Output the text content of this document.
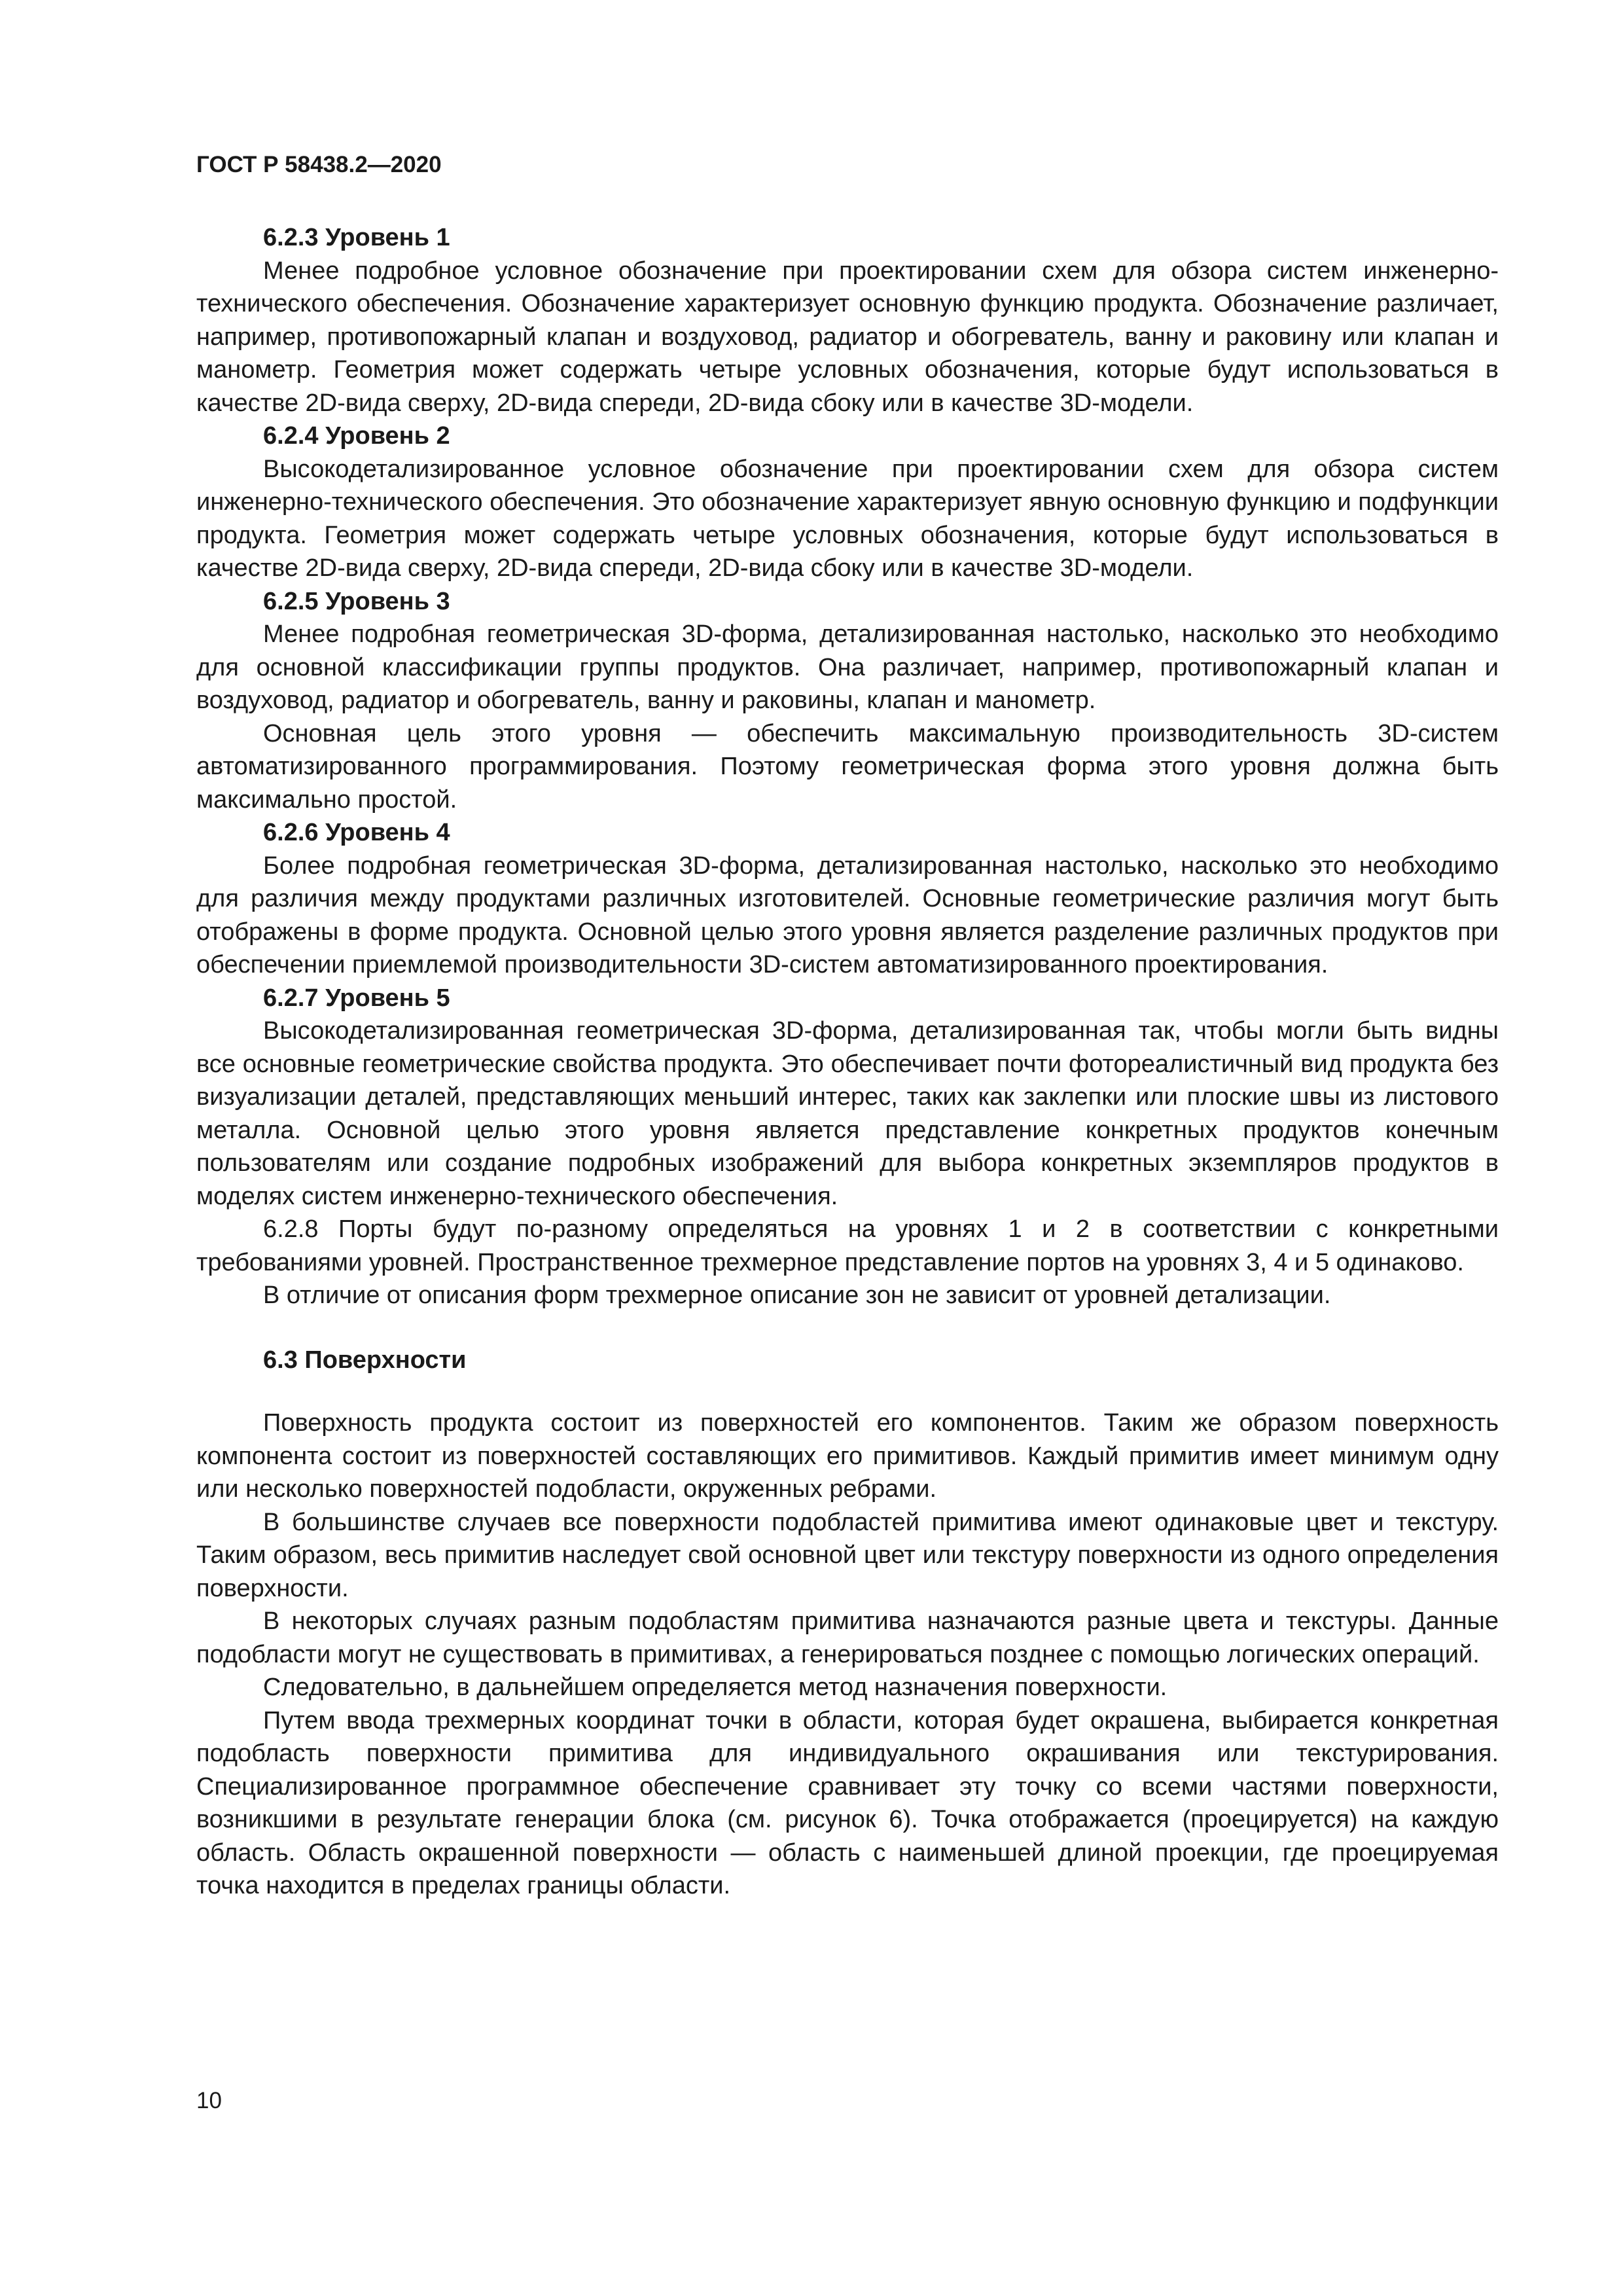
ГОСТ Р 58438.2—2020
6.2.3 Уровень 1

Менее подробное условное обозначение при проектировании схем для обзора систем инженерно-технического обеспечения. Обозначение характеризует основную функцию продукта. Обозначение различает, например, противопожарный клапан и воздуховод, радиатор и обогреватель, ванну и раковину или клапан и манометр. Геометрия может содержать четыре условных обозначения, которые будут использоваться в качестве 2D-вида сверху, 2D-вида спереди, 2D-вида сбоку или в качестве 3D-модели.

6.2.4 Уровень 2

Высокодетализированное условное обозначение при проектировании схем для обзора систем инженерно-технического обеспечения. Это обозначение характеризует явную основную функцию и подфункции продукта. Геометрия может содержать четыре условных обозначения, которые будут использоваться в качестве 2D-вида сверху, 2D-вида спереди, 2D-вида сбоку или в качестве 3D-модели.

6.2.5 Уровень 3

Менее подробная геометрическая 3D-форма, детализированная настолько, насколько это необходимо для основной классификации группы продуктов. Она различает, например, противопожарный клапан и воздуховод, радиатор и обогреватель, ванну и раковины, клапан и манометр.

Основная цель этого уровня — обеспечить максимальную производительность 3D-систем автоматизированного программирования. Поэтому геометрическая форма этого уровня должна быть максимально простой.

6.2.6 Уровень 4

Более подробная геометрическая 3D-форма, детализированная настолько, насколько это необходимо для различия между продуктами различных изготовителей. Основные геометрические различия могут быть отображены в форме продукта. Основной целью этого уровня является разделение различных продуктов при обеспечении приемлемой производительности 3D-систем автоматизированного проектирования.

6.2.7 Уровень 5

Высокодетализированная геометрическая 3D-форма, детализированная так, чтобы могли быть видны все основные геометрические свойства продукта. Это обеспечивает почти фотореалистичный вид продукта без визуализации деталей, представляющих меньший интерес, таких как заклепки или плоские швы из листового металла. Основной целью этого уровня является представление конкретных продуктов конечным пользователям или создание подробных изображений для выбора конкретных экземпляров продуктов в моделях систем инженерно-технического обеспечения.

6.2.8 Порты будут по-разному определяться на уровнях 1 и 2 в соответствии с конкретными требованиями уровней. Пространственное трехмерное представление портов на уровнях 3, 4 и 5 одинаково.

В отличие от описания форм трехмерное описание зон не зависит от уровней детализации.

6.3 Поверхности

Поверхность продукта состоит из поверхностей его компонентов. Таким же образом поверхность компонента состоит из поверхностей составляющих его примитивов. Каждый примитив имеет минимум одну или несколько поверхностей подобласти, окруженных ребрами.

В большинстве случаев все поверхности подобластей примитива имеют одинаковые цвет и текстуру. Таким образом, весь примитив наследует свой основной цвет или текстуру поверхности из одного определения поверхности.

В некоторых случаях разным подобластям примитива назначаются разные цвета и текстуры. Данные подобласти могут не существовать в примитивах, а генерироваться позднее с помощью логических операций.

Следовательно, в дальнейшем определяется метод назначения поверхности.

Путем ввода трехмерных координат точки в области, которая будет окрашена, выбирается конкретная подобласть поверхности примитива для индивидуального окрашивания или текстурирования. Специализированное программное обеспечение сравнивает эту точку со всеми частями поверхности, возникшими в результате генерации блока (см. рисунок 6). Точка отображается (проецируется) на каждую область. Область окрашенной поверхности — область с наименьшей длиной проекции, где проецируемая точка находится в пределах границы области.

10
